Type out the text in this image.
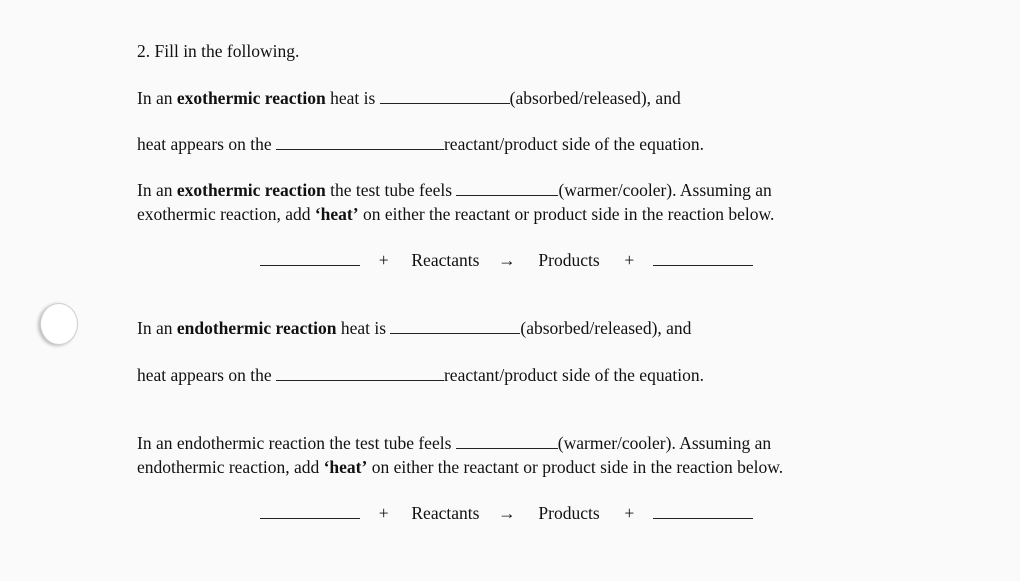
2. Fill in the following.
In an exothermic reaction heat is	(absorbed/released), and
heat appears on the	reactant/product side of the equation.
In an exothermic reaction the test tube feels	(warmer/cooler). Assuming an
exothermic reaction, add ‘heat’ on either the reactant or product side in the reaction below.
+ Reactants → Products +
In an endothermic reaction heat is	(absorbed/released), and
heat appears on the	reactant/product side of the equation.
In an endothermic reaction the test tube feels	(warmer/cooler). Assuming an
endothermic reaction, add ‘heat’ on either the reactant or product side in the reaction below.
+ Reactants → Products +
